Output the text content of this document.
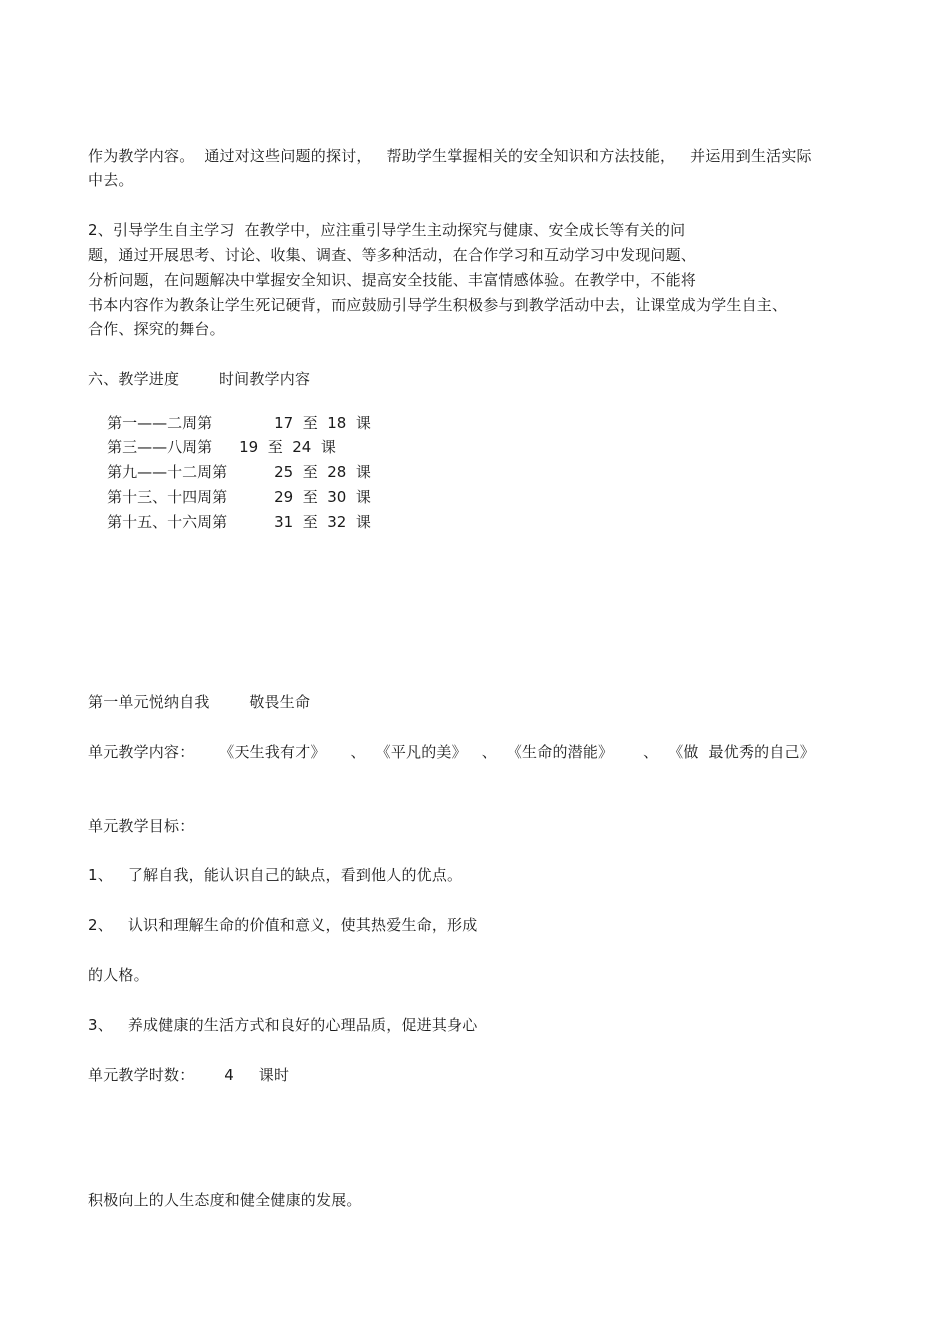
作为教学内容。  通过对这些问题的探讨，   帮助学生掌握相关的安全知识和方法技能，   并运用到生活实际
中去。
2、引导学生自主学习  在教学中，应注重引导学生主动探究与健康、安全成长等有关的问
题，通过开展思考、讨论、收集、调查、等多种活动，在合作学习和互动学习中发现问题、
分析问题，在问题解决中掌握安全知识、提高安全技能、丰富情感体验。在教学中，不能将
书本内容作为教条让学生死记硬背，而应鼓励引导学生积极参与到教学活动中去，让课堂成为学生自主、
合作、探究的舞台。
六、教学进度        时间教学内容

第一——二周第	17  至  18  课

第三——八周第 19  至  24  课

第九——十二周第	25  至  28  课

第十三、十四周第	29  至  30  课

第十五、十六周第	31  至  32  课

第一单元悦纳自我        敬畏生命
单元教学内容：     《天生我有才》     、  《平凡的美》   、  《生命的潜能》      、  《做  最优秀的自己》
单元教学目标：
1、   了解自我，能认识自己的缺点，看到他人的优点。
2、   认识和理解生命的价值和意义，使其热爱生命，形成
的人格。
3、   养成健康的生活方式和良好的心理品质，促进其身心
单元教学时数：      4     课时
积极向上的人生态度和健全健康的发展。
